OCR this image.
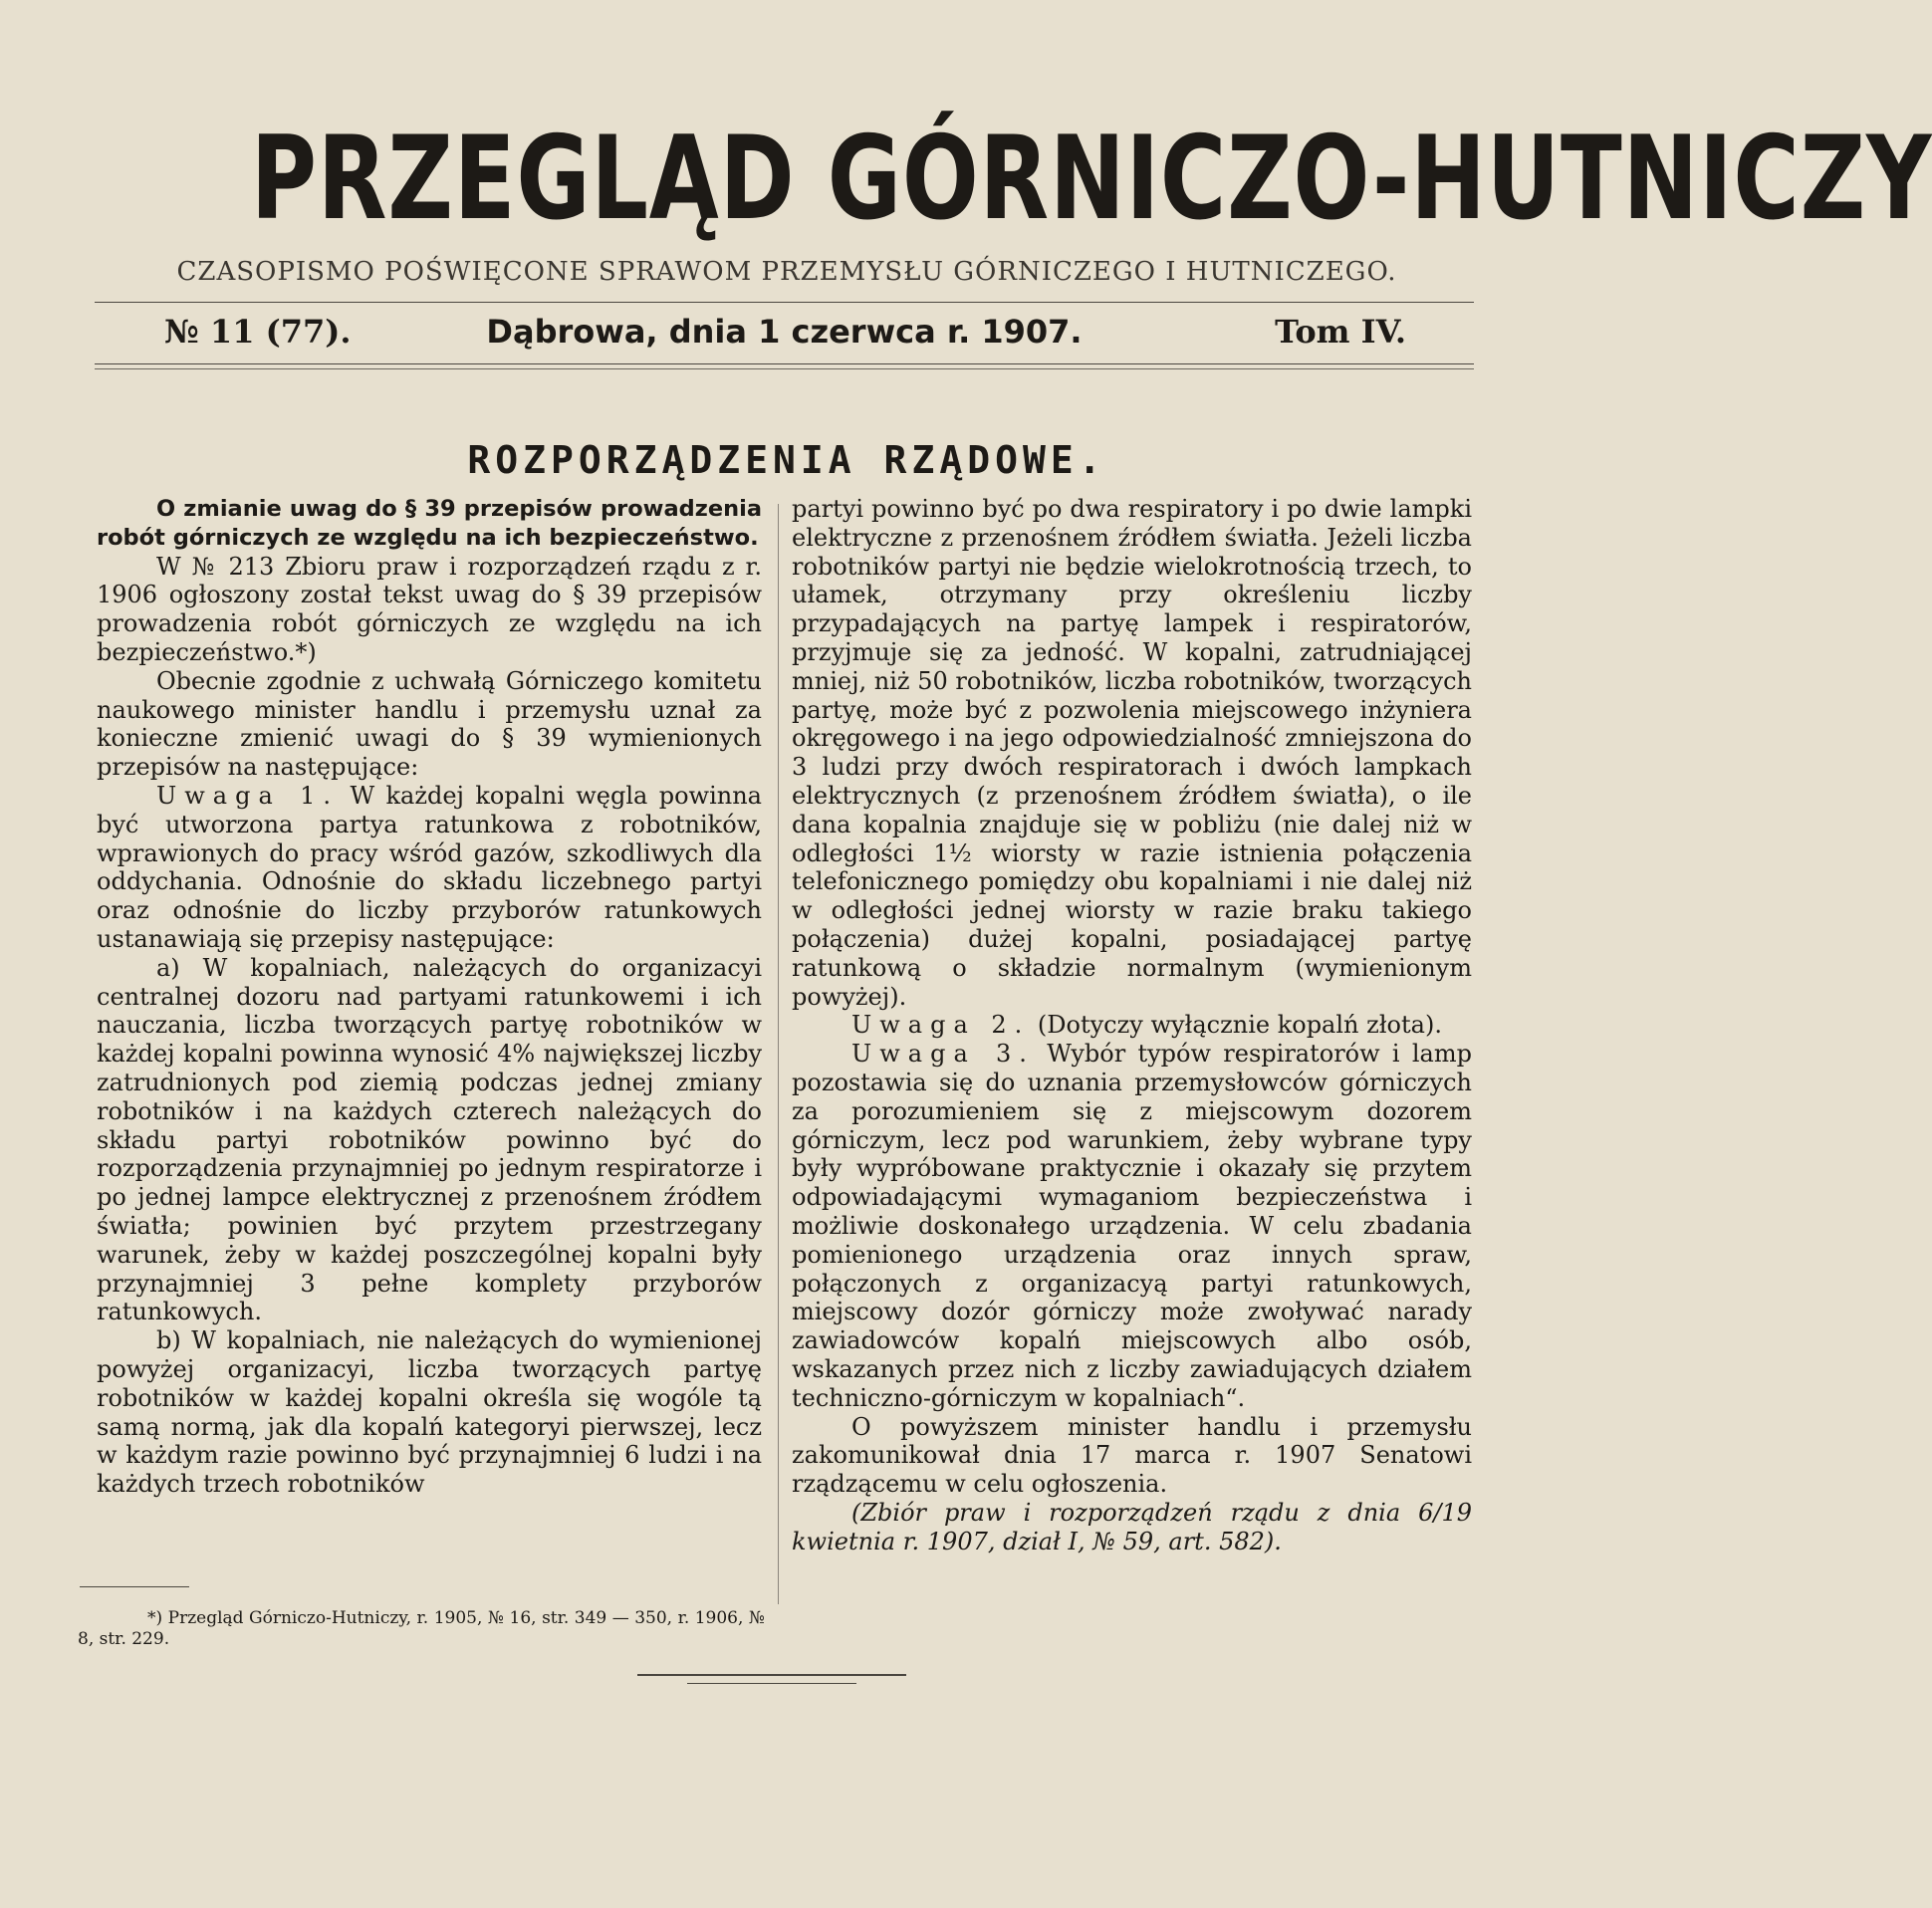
PRZEGLĄD GÓRNICZO-HUTNICZY
CZASOPISMO POŚWIĘCONE SPRAWOM PRZEMYSŁU GÓRNICZEGO I HUTNICZEGO.
№ 11 (77).	Dąbrowa, dnia 1 czerwca r. 1907.	Tom IV.
ROZPORZĄDZENIA RZĄDOWE.

O zmianie uwag do § 39 przepisów prowadzenia robót górniczych ze względu na ich bezpieczeństwo.

W № 213 Zbioru praw i rozporządzeń rządu z r. 1906 ogłoszony został tekst uwag do § 39 przepisów prowadzenia robót górniczych ze względu na ich bezpieczeństwo.*)

Obecnie zgodnie z uchwałą Górniczego komitetu naukowego minister handlu i przemysłu uznał za konieczne zmienić uwagi do § 39 wymienionych przepisów na następujące:

Uwaga 1. W każdej kopalni węgla powinna być utworzona partya ratunkowa z robotników, wprawionych do pracy wśród gazów, szkodliwych dla oddychania. Odnośnie do składu liczebnego partyi oraz odnośnie do liczby przyborów ratunkowych ustanawiają się przepisy następujące:

a) W kopalniach, należących do organizacyi centralnej dozoru nad partyami ratunkowemi i ich nauczania, liczba tworzących partyę robotników w każdej kopalni powinna wynosić 4% największej liczby zatrudnionych pod ziemią podczas jednej zmiany robotników i na każdych czterech należących do składu partyi robotników powinno być do rozporządzenia przynajmniej po jednym respiratorze i po jednej lampce elektrycznej z przenośnem źródłem światła; powinien być przytem przestrzegany warunek, żeby w każdej poszczególnej kopalni były przynajmniej 3 pełne komplety przyborów ratunkowych.

b) W kopalniach, nie należących do wymienionej powyżej organizacyi, liczba tworzących partyę robotników w każdej kopalni określa się wogóle tą samą normą, jak dla kopalń kategoryi pierwszej, lecz w każdym razie powinno być przynajmniej 6 ludzi i na każdych trzech robotników

partyi powinno być po dwa respiratory i po dwie lampki elektryczne z przenośnem źródłem światła. Jeżeli liczba robotników partyi nie będzie wielokrotnością trzech, to ułamek, otrzymany przy określeniu liczby przypadających na partyę lampek i respiratorów, przyjmuje się za jedność. W kopalni, zatrudniającej mniej, niż 50 robotników, liczba robotników, tworzących partyę, może być z pozwolenia miejscowego inżyniera okręgowego i na jego odpowiedzialność zmniejszona do 3 ludzi przy dwóch respiratorach i dwóch lampkach elektrycznych (z przenośnem źródłem światła), o ile dana kopalnia znajduje się w pobliżu (nie dalej niż w odległości 1½ wiorsty w razie istnienia połączenia telefonicznego pomiędzy obu kopalniami i nie dalej niż w odległości jednej wiorsty w razie braku takiego połączenia) dużej kopalni, posiadającej partyę ratunkową o składzie normalnym (wymienionym powyżej).

Uwaga 2. (Dotyczy wyłącznie kopalń złota).

Uwaga 3. Wybór typów respiratorów i lamp pozostawia się do uznania przemysłowców górniczych za porozumieniem się z miejscowym dozorem górniczym, lecz pod warunkiem, żeby wybrane typy były wypróbowane praktycznie i okazały się przytem odpowiadającymi wymaganiom bezpieczeństwa i możliwie doskonałego urządzenia. W celu zbadania pomienionego urządzenia oraz innych spraw, połączonych z organizacyą partyi ratunkowych, miejscowy dozór górniczy może zwoływać narady zawiadowców kopalń miejscowych albo osób, wskazanych przez nich z liczby zawiadujących działem techniczno-górniczym w kopalniach“.

O powyższem minister handlu i przemysłu zakomunikował dnia 17 marca r. 1907 Senatowi rządzącemu w celu ogłoszenia.

(Zbiór praw i rozporządzeń rządu z dnia 6/19 kwietnia r. 1907, dział I, № 59, art. 582).

*) Przegląd Górniczo-Hutniczy, r. 1905, № 16, str. 349 — 350, r. 1906, № 8, str. 229.
